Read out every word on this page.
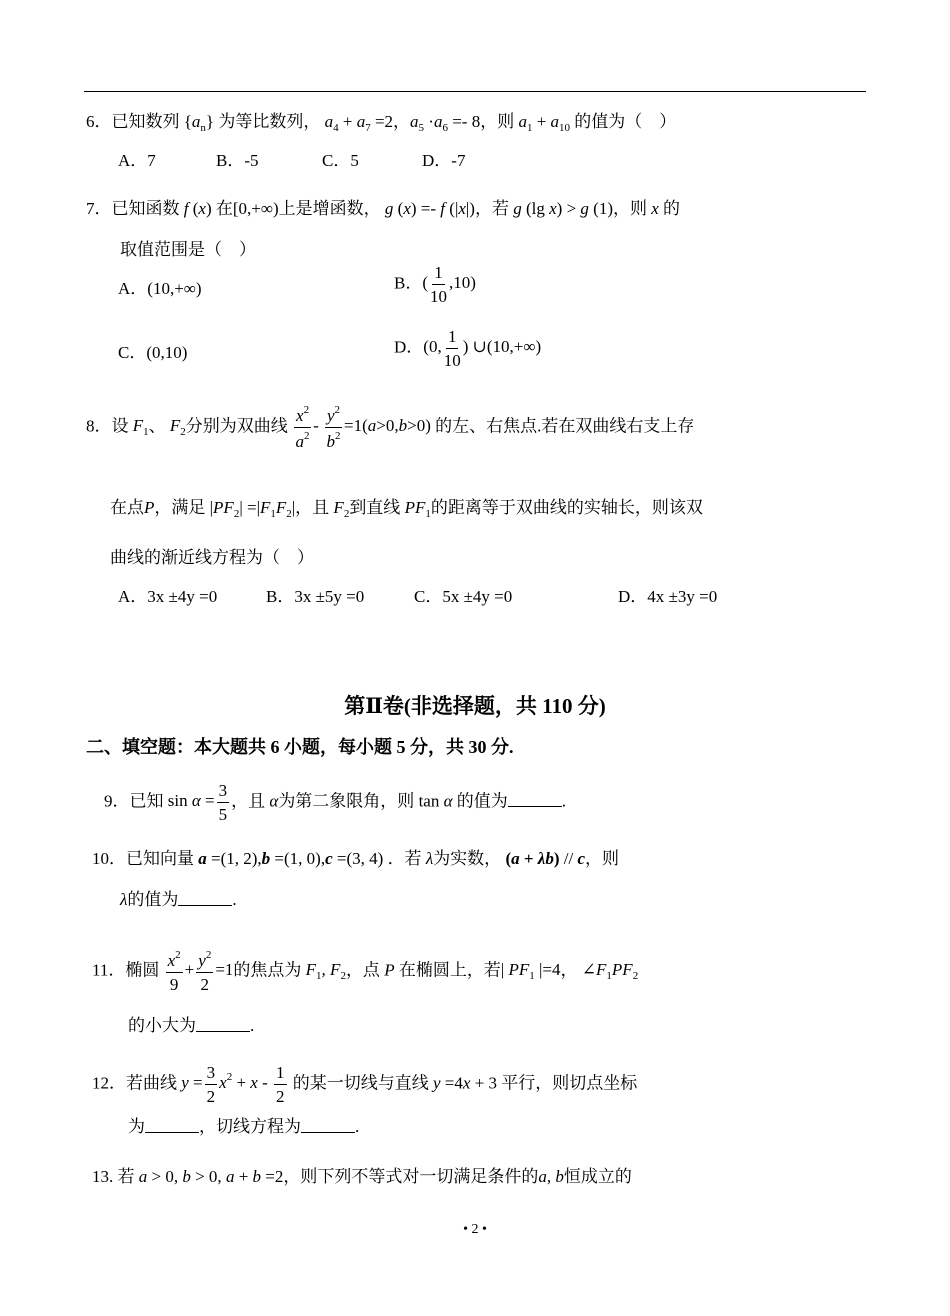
6．已知数列 $\{a_n\}$ 为等比数列， $a_4 + a_7 =2$，$a_5 \cdot a_6 =- 8$，则 $a_1 + a_{10}$ 的值为（　）
A．7	B．-5	C．5	D．-7
7．已知函数 f (x) 在[0,+∞)上是增函数， g (x) =- f (|x|)，若 g (lg x) > g (1)，则 x 的
取值范围是（　）
A．(10,+∞)	B．( $\frac{1}{10} ,10$)
C．(0,10)	D．(0, $\frac{1}{10}$ ) ∪(10,+∞)
8．设 $F_1$、 $F_2$分别为双曲线 $\frac{x^2}{a^2} - \frac{y^2}{b^2} =1(a>0,b>0)$ 的左、右焦点.若在双曲线右支上存
在点P，满足 $|PF_2| =|F_1F_2|$，且 $F_2$到直线 $PF_1$的距离等于双曲线的实轴长，则该双
曲线的渐近线方程为（　）
A．3x ±4y =0	B．3x ±5y =0	C．5x ±4y =0	D．4x ±3y =0
第Ⅱ卷(非选择题，共 110 分)
二、填空题：本大题共 6 小题，每小题 5 分，共 30 分.
9．已知 $\sin \alpha = \frac{3}{5}$ ，且 α为第二象限角，则 tan α 的值为	.
10．已知向量 a =(1, 2),b =(1, 0),c =(3, 4) ．若 λ为实数， (a + λb) // c，则
λ的值为	.
11．椭圆 $\frac{x^2}{9} + \frac{y^2}{2} =1$的焦点为 $F_1$, $F_2$，点 P 在椭圆上，若| $PF_1$ |=4， $\angle F_1PF_2$
的小大为	.
12．若曲线 $y = \frac{3}{2} x^2 + x - \frac{1}{2}$ 的某一切线与直线 y =4x + 3 平行，则切点坐标
为	，切线方程为	.
13. 若 a > 0, b > 0, a + b =2，则下列不等式对一切满足条件的a, b恒成立的
• 2 •
